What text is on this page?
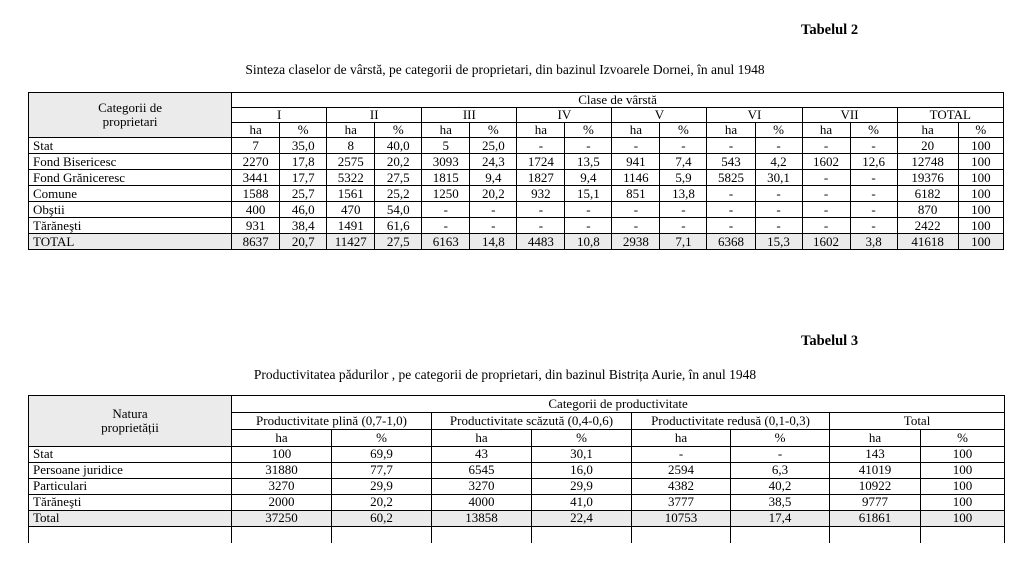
Tabelul 2
Sinteza claselor de vârstă, pe categorii de proprietari, din bazinul Izvoarele Dornei, în anul 1948
Categorii de
proprietari	Clase de vârstă															
	I		II		III		IV		V		VI		VII		TOTAL	
	ha	%	ha	%	ha	%	ha	%	ha	%	ha	%	ha	%	ha	%
Stat	7	35,0	8	40,0	5	25,0	-	-	-	-	-	-	-	-	20	100
Fond Bisericesc	2270	17,8	2575	20,2	3093	24,3	1724	13,5	941	7,4	543	4,2	1602	12,6	12748	100
Fond Grăniceresc	3441	17,7	5322	27,5	1815	9,4	1827	9,4	1146	5,9	5825	30,1	-	-	19376	100
Comune	1588	25,7	1561	25,2	1250	20,2	932	15,1	851	13,8	-	-	-	-	6182	100
Obştii	400	46,0	470	54,0	-	-	-	-	-	-	-	-	-	-	870	100
Tărăneşti	931	38,4	1491	61,6	-	-	-	-	-	-	-	-	-	-	2422	100
TOTAL	8637	20,7	11427	27,5	6163	14,8	4483	10,8	2938	7,1	6368	15,3	1602	3,8	41618	100
Tabelul 3
Productivitatea pădurilor , pe categorii de proprietari, din bazinul Bistrița Aurie, în anul 1948
Natura
proprietății	Categorii de productivitate							
	Productivitate plină (0,7-1,0)		Productivitate scăzută (0,4-0,6)		Productivitate redusă (0,1-0,3)		Total	
	ha	%	ha	%	ha	%	ha	%
Stat	100	69,9	43	30,1	-	-	143	100
Persoane juridice	31880	77,7	6545	16,0	2594	6,3	41019	100
Particulari	3270	29,9	3270	29,9	4382	40,2	10922	100
Tărăneşti	2000	20,2	4000	41,0	3777	38,5	9777	100
Total	37250	60,2	13858	22,4	10753	17,4	61861	100
